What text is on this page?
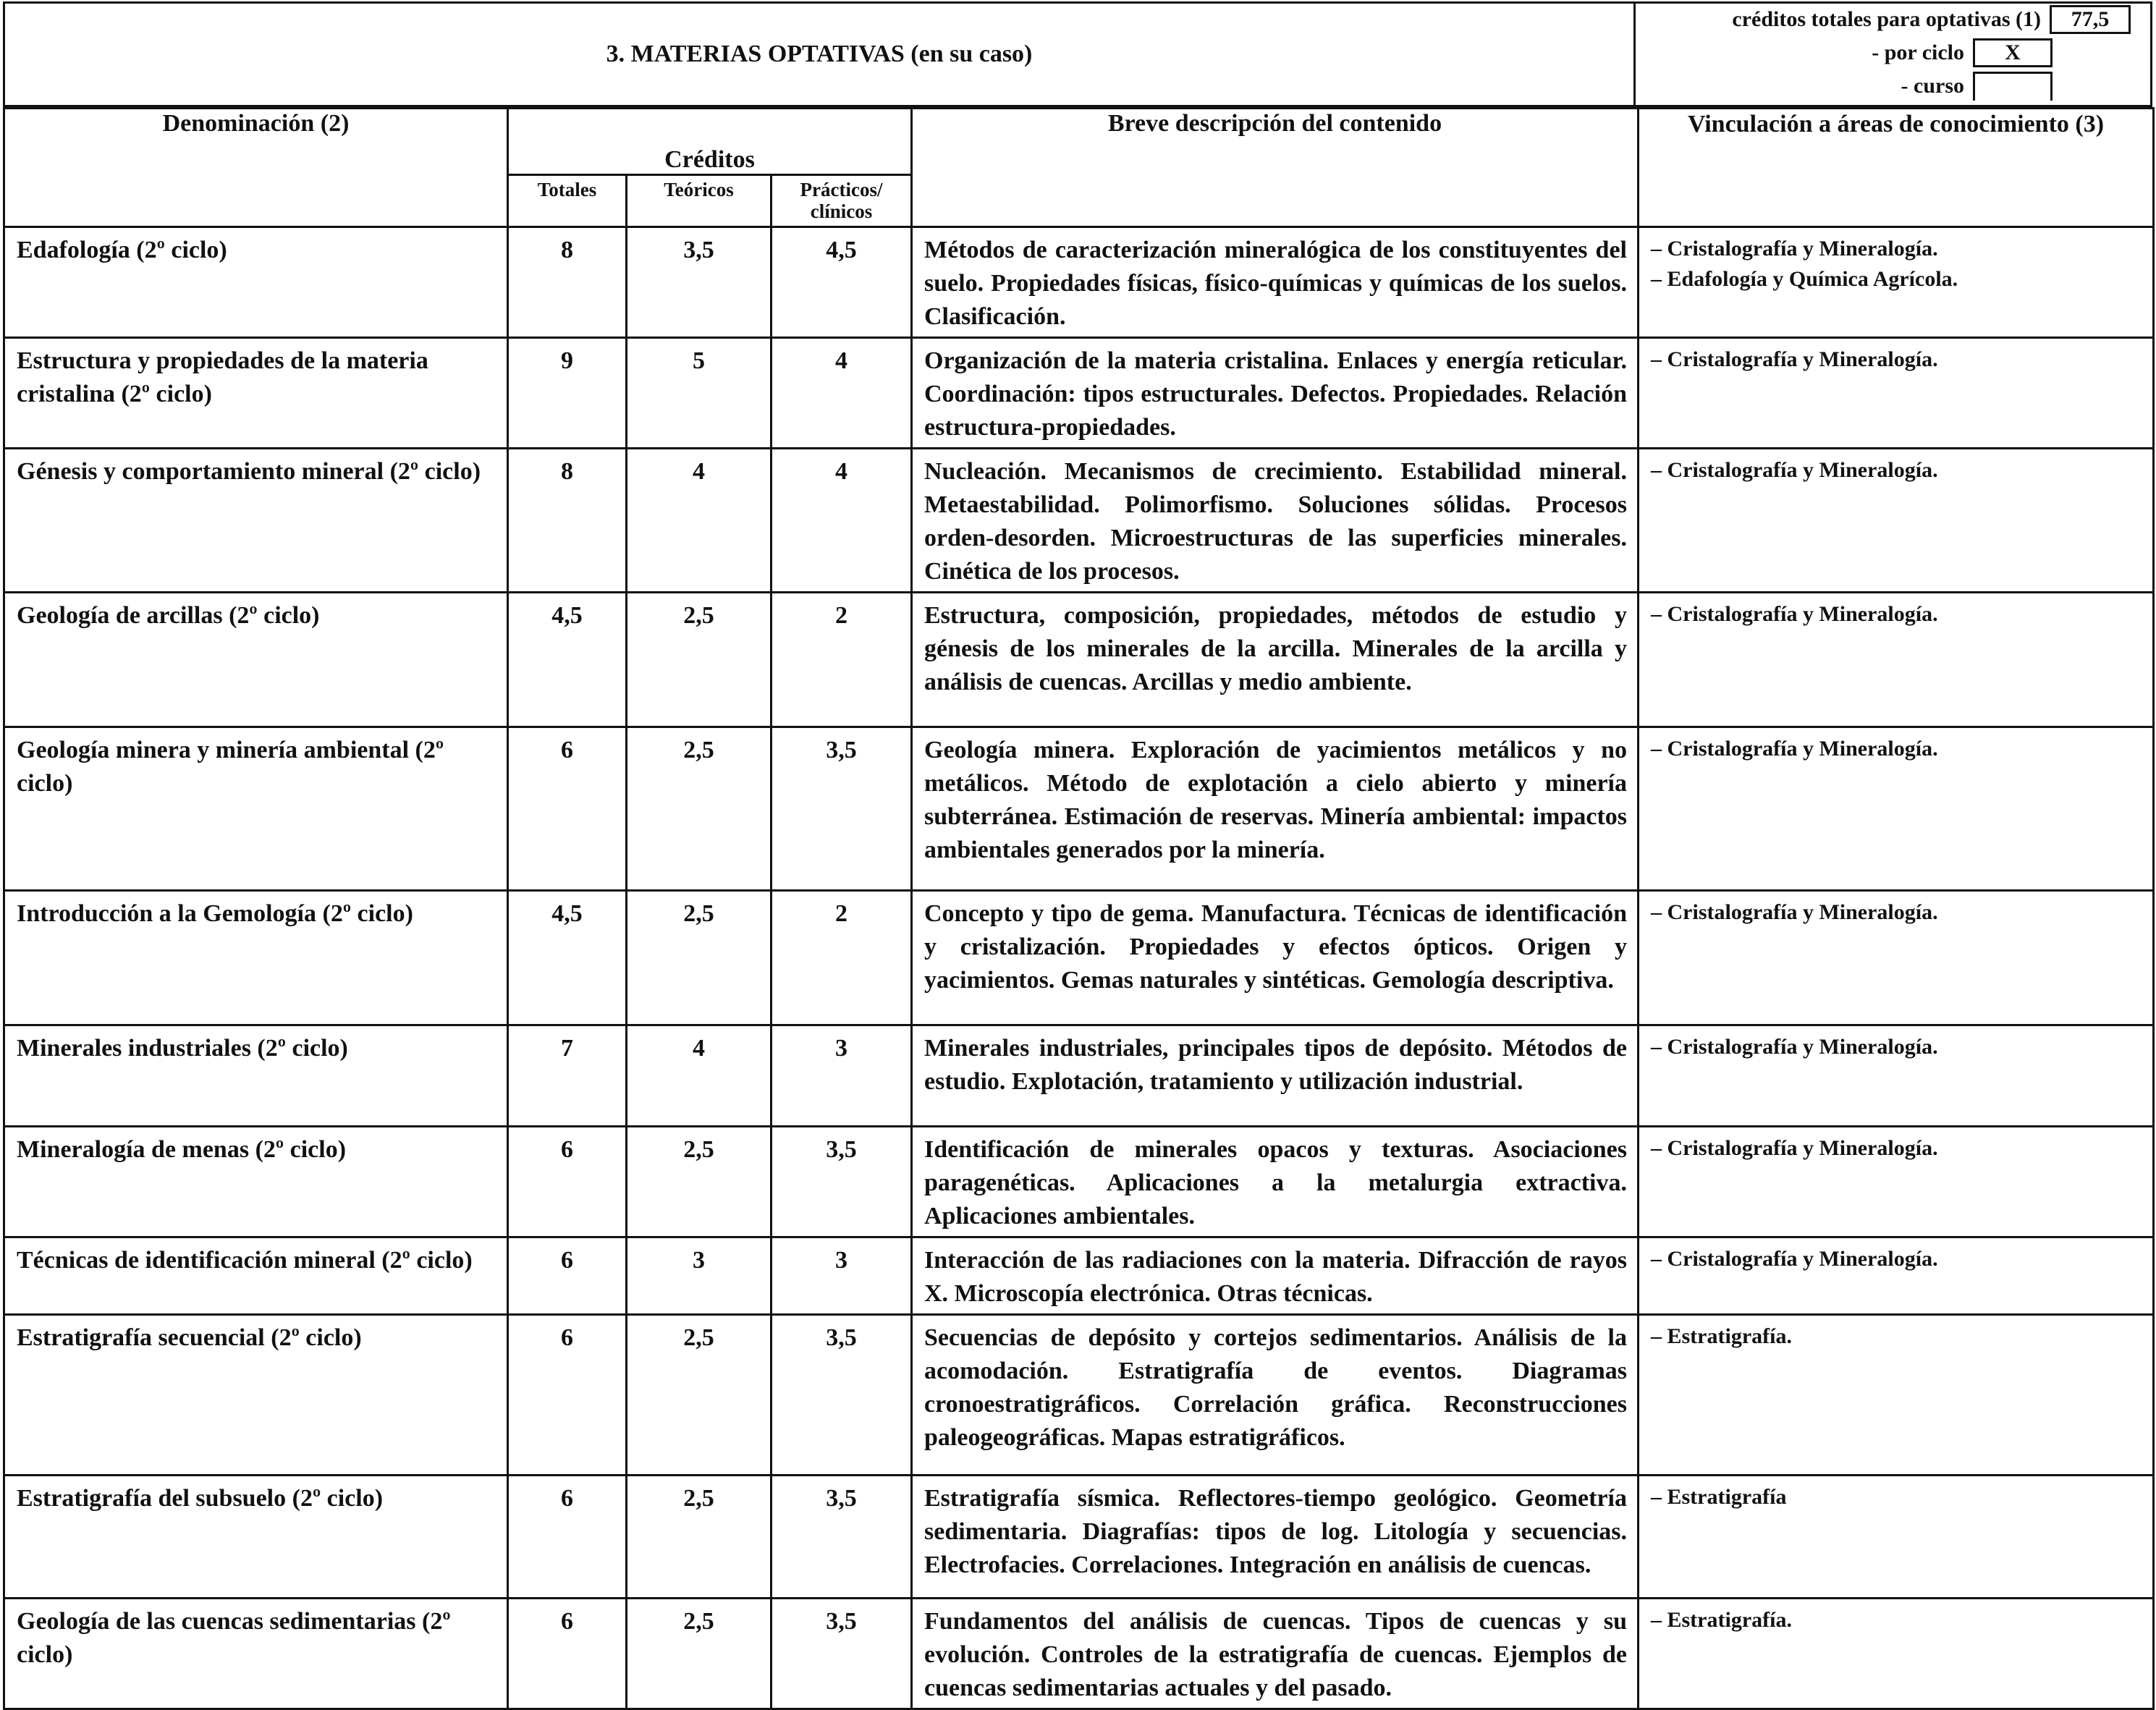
3. MATERIAS OPTATIVAS (en su caso)
créditos totales para optativas (1)	77,5
- por ciclo	X
- curso
Denominación (2)	Créditos			Breve descripción del contenido	Vinculación a áreas de conocimiento (3)
	Totales	Teóricos	Prácticos/ clínicos		
Edafología (2º ciclo)	8	3,5	4,5	Métodos de caracterización mineralógica de los constituyentes del suelo. Propiedades físicas, físico-químicas y químicas de los suelos. Clasificación.	– Cristalografía y Mineralogía.
– Edafología y Química Agrícola.

Estructura y propiedades de la materia cristalina (2º ciclo)	9	5	4	Organización de la materia cristalina. Enlaces y energía reticular. Coordinación: tipos estructurales. Defectos. Propiedades. Relación estructura-propiedades.	– Cristalografía y Mineralogía.

Génesis y comportamiento mineral (2º ciclo)	8	4	4	Nucleación. Mecanismos de crecimiento. Estabilidad mineral. Metaestabilidad. Polimorfismo. Soluciones sólidas. Procesos orden-desorden. Microestructuras de las superficies minerales. Cinética de los procesos.	– Cristalografía y Mineralogía.

Geología de arcillas (2º ciclo)	4,5	2,5	2	Estructura, composición, propiedades, métodos de estudio y génesis de los minerales de la arcilla. Minerales de la arcilla y análisis de cuencas. Arcillas y medio ambiente.	– Cristalografía y Mineralogía.

Geología minera y minería ambiental (2º ciclo)	6	2,5	3,5	Geología minera. Exploración de yacimientos metálicos y no metálicos. Método de explotación a cielo abierto y minería subterránea. Estimación de reservas. Minería ambiental: impactos ambientales generados por la minería.	– Cristalografía y Mineralogía.

Introducción a la Gemología (2º ciclo)	4,5	2,5	2	Concepto y tipo de gema. Manufactura. Técnicas de identificación y cristalización. Propiedades y efectos ópticos. Origen y yacimientos. Gemas naturales y sintéticas. Gemología descriptiva.	– Cristalografía y Mineralogía.

Minerales industriales (2º ciclo)	7	4	3	Minerales industriales, principales tipos de depósito. Métodos de estudio. Explotación, tratamiento y utilización industrial.	– Cristalografía y Mineralogía.

Mineralogía de menas (2º ciclo)	6	2,5	3,5	Identificación de minerales opacos y texturas. Asociaciones paragenéticas. Aplicaciones a la metalurgia extractiva. Aplicaciones ambientales.	– Cristalografía y Mineralogía.

Técnicas de identificación mineral (2º ciclo)	6	3	3	Interacción de las radiaciones con la materia. Difracción de rayos X. Microscopía electrónica. Otras técnicas.	– Cristalografía y Mineralogía.

Estratigrafía secuencial (2º ciclo)	6	2,5	3,5	Secuencias de depósito y cortejos sedimentarios. Análisis de la acomodación. Estratigrafía de eventos. Diagramas cronoestratigráficos. Correlación gráfica. Reconstrucciones paleogeográficas. Mapas estratigráficos.	– Estratigrafía.

Estratigrafía del subsuelo (2º ciclo)	6	2,5	3,5	Estratigrafía sísmica. Reflectores-tiempo geológico. Geometría sedimentaria. Diagrafías: tipos de log. Litología y secuencias. Electrofacies. Correlaciones. Integración en análisis de cuencas.	– Estratigrafía

Geología de las cuencas sedimentarias (2º ciclo)	6	2,5	3,5	Fundamentos del análisis de cuencas. Tipos de cuencas y su evolución. Controles de la estratigrafía de cuencas. Ejemplos de cuencas sedimentarias actuales y del pasado.	– Estratigrafía.
